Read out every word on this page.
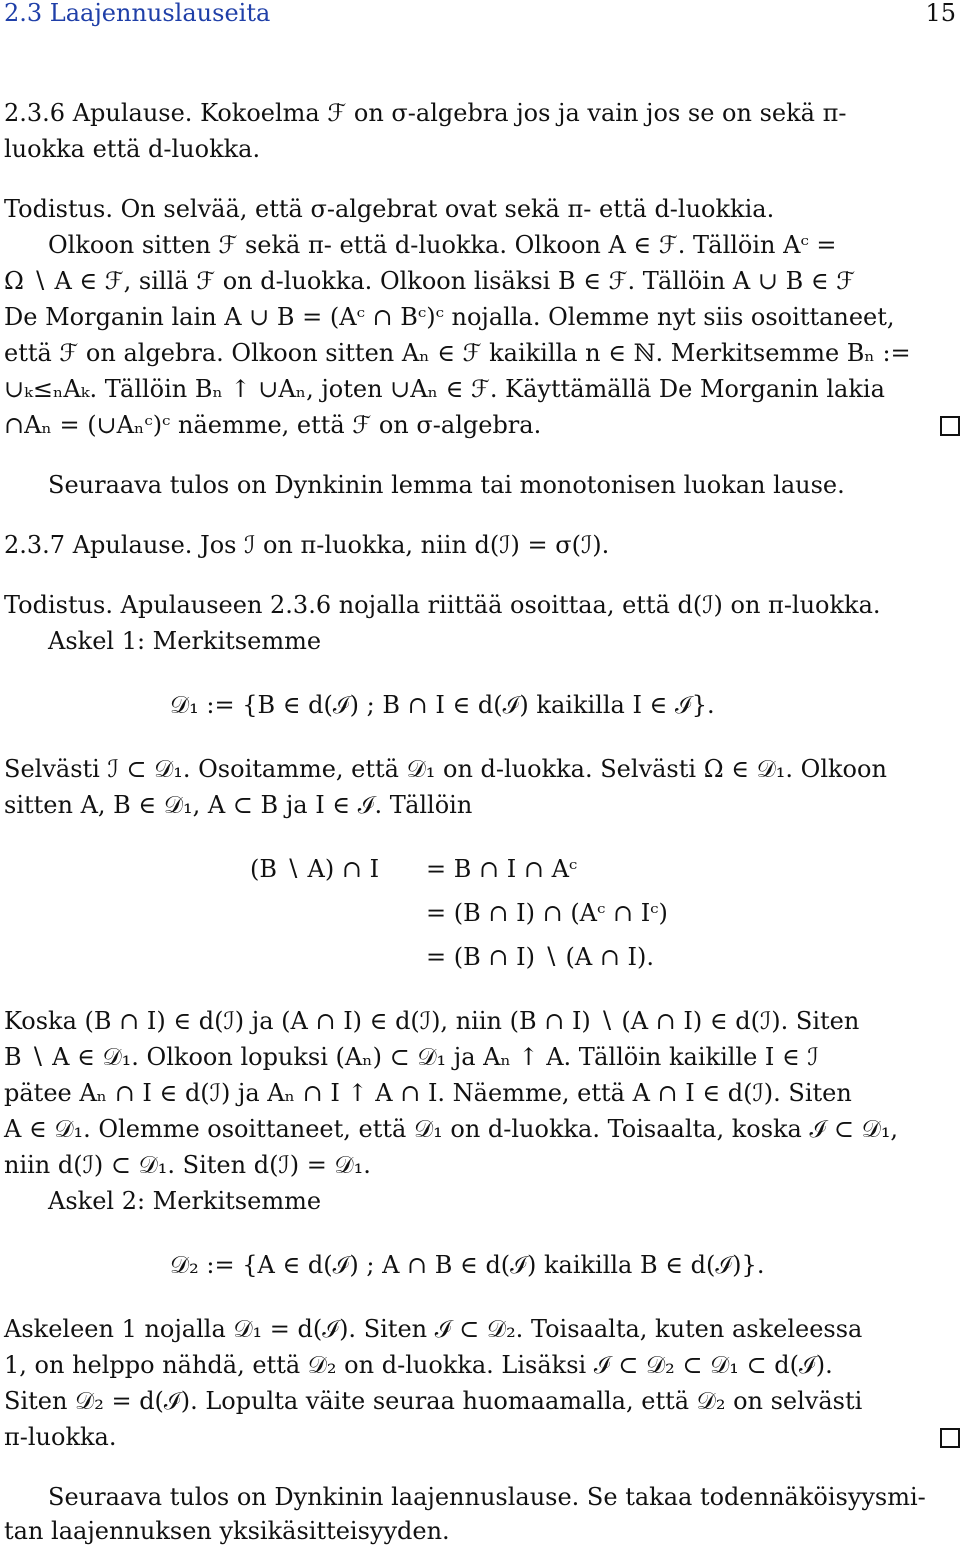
2.3 Laajennuslauseita	15
2.3.6 Apulause. Kokoelma ℱ on σ-algebra jos ja vain jos se on sekä π-
luokka että d-luokka.
Todistus. On selvää, että σ-algebrat ovat sekä π- että d-luokkia.
Olkoon sitten ℱ sekä π- että d-luokka. Olkoon A ∈ ℱ. Tällöin Aᶜ =
Ω ∖ A ∈ ℱ, sillä ℱ on d-luokka. Olkoon lisäksi B ∈ ℱ. Tällöin A ∪ B ∈ ℱ
De Morganin lain A ∪ B = (Aᶜ ∩ Bᶜ)ᶜ nojalla. Olemme nyt siis osoittaneet,
että ℱ on algebra. Olkoon sitten Aₙ ∈ ℱ kaikilla n ∈ ℕ. Merkitsemme Bₙ :=
∪ₖ≤ₙAₖ. Tällöin Bₙ ↑ ∪Aₙ, joten ∪Aₙ ∈ ℱ. Käyttämällä De Morganin lakia
∩Aₙ = (∪Aₙᶜ)ᶜ näemme, että ℱ on σ-algebra.
Seuraava tulos on Dynkinin lemma tai monotonisen luokan lause.
2.3.7 Apulause. Jos ℐ on π-luokka, niin d(ℐ) = σ(ℐ).
Todistus. Apulauseen 2.3.6 nojalla riittää osoittaa, että d(ℐ) on π-luokka.
Askel 1: Merkitsemme
𝒟₁ := {B ∈ d(ℐ) ; B ∩ I ∈ d(ℐ) kaikilla I ∈ ℐ}.
Selvästi ℐ ⊂ 𝒟₁. Osoitamme, että 𝒟₁ on d-luokka. Selvästi Ω ∈ 𝒟₁. Olkoon
sitten A, B ∈ 𝒟₁, A ⊂ B ja I ∈ ℐ. Tällöin
(B ∖ A) ∩ I = B ∩ I ∩ Aᶜ
= (B ∩ I) ∩ (Aᶜ ∩ Iᶜ)
= (B ∩ I) ∖ (A ∩ I).
Koska (B ∩ I) ∈ d(ℐ) ja (A ∩ I) ∈ d(ℐ), niin (B ∩ I) ∖ (A ∩ I) ∈ d(ℐ). Siten
B ∖ A ∈ 𝒟₁. Olkoon lopuksi (Aₙ) ⊂ 𝒟₁ ja Aₙ ↑ A. Tällöin kaikille I ∈ ℐ
pätee Aₙ ∩ I ∈ d(ℐ) ja Aₙ ∩ I ↑ A ∩ I. Näemme, että A ∩ I ∈ d(ℐ). Siten
A ∈ 𝒟₁. Olemme osoittaneet, että 𝒟₁ on d-luokka. Toisaalta, koska ℐ ⊂ 𝒟₁,
niin d(ℐ) ⊂ 𝒟₁. Siten d(ℐ) = 𝒟₁.
Askel 2: Merkitsemme
𝒟₂ := {A ∈ d(ℐ) ; A ∩ B ∈ d(ℐ) kaikilla B ∈ d(ℐ)}.
Askeleen 1 nojalla 𝒟₁ = d(ℐ). Siten ℐ ⊂ 𝒟₂. Toisaalta, kuten askeleessa
1, on helppo nähdä, että 𝒟₂ on d-luokka. Lisäksi ℐ ⊂ 𝒟₂ ⊂ 𝒟₁ ⊂ d(ℐ).
Siten 𝒟₂ = d(ℐ). Lopulta väite seuraa huomaamalla, että 𝒟₂ on selvästi
π-luokka.
Seuraava tulos on Dynkinin laajennuslause. Se takaa todennäköisyysmi-
tan laajennuksen yksikäsitteisyyden.
